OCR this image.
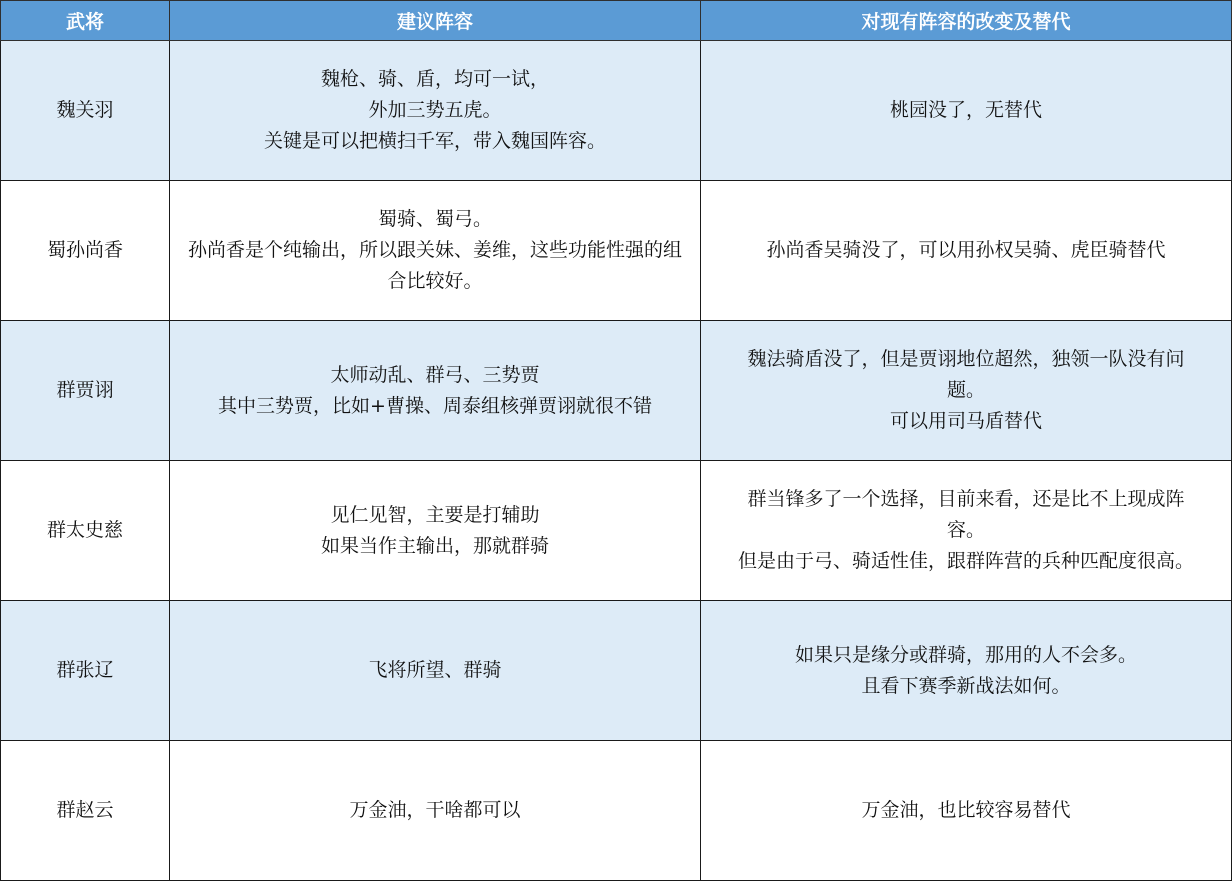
武将	建议阵容	对现有阵容的改变及替代
魏关羽	魏枪、骑、盾，均可一试，
外加三势五虎。
关键是可以把横扫千军，带入魏国阵容。	桃园没了，无替代

蜀孙尚香	蜀骑、蜀弓。
孙尚香是个纯输出，所以跟关妹、姜维，这些功能性强的组合比较好。	孙尚香吴骑没了，可以用孙权吴骑、虎臣骑替代

群贾诩	太师动乱、群弓、三势贾
其中三势贾，比如+曹操、周泰组核弹贾诩就很不错	魏法骑盾没了，但是贾诩地位超然，独领一队没有问题。
可以用司马盾替代

群太史慈	见仁见智，主要是打辅助
如果当作主输出，那就群骑	群当锋多了一个选择，目前来看，还是比不上现成阵容。
但是由于弓、骑适性佳，跟群阵营的兵种匹配度很高。

群张辽	飞将所望、群骑	如果只是缘分或群骑，那用的人不会多。
且看下赛季新战法如何。

群赵云	万金油，干啥都可以	万金油，也比较容易替代
